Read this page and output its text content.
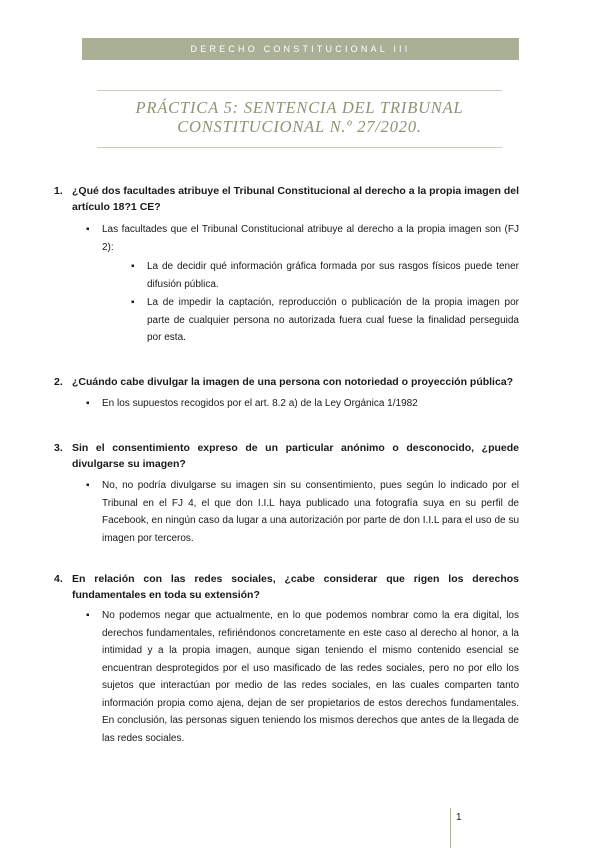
DERECHO CONSTITUCIONAL III
PRÁCTICA 5: SENTENCIA DEL TRIBUNAL
CONSTITUCIONAL N.º 27/2020.
1. ¿Qué dos facultades atribuye el Tribunal Constitucional al derecho a la propia imagen del artículo 18?1 CE?
▪	Las facultades que el Tribunal Constitucional atribuye al derecho a la propia imagen son (FJ 2):
▪	La de decidir qué información gráfica formada por sus rasgos físicos puede tener difusión pública.
▪	La de impedir la captación, reproducción o publicación de la propia imagen por parte de cualquier persona no autorizada fuera cual fuese la finalidad perseguida por esta.
2. ¿Cuándo cabe divulgar la imagen de una persona con notoriedad o proyección pública?
▪	En los supuestos recogidos por el art. 8.2 a) de la Ley Orgánica 1/1982
3. Sin el consentimiento expreso de un particular anónimo o desconocido, ¿puede divulgarse su imagen?
▪	No, no podría divulgarse su imagen sin su consentimiento, pues según lo indicado por el Tribunal en el FJ 4, el que don I.I.L haya publicado una fotografía suya en su perfil de Facebook, en ningún caso da lugar a una autorización por parte de don I.I.L para el uso de su imagen por terceros.
4. En relación con las redes sociales, ¿cabe considerar que rigen los derechos fundamentales en toda su extensión?
▪	No podemos negar que actualmente, en lo que podemos nombrar como la era digital, los derechos fundamentales, refiriéndonos concretamente en este caso al derecho al honor, a la intimidad y a la propia imagen, aunque sigan teniendo el mismo contenido esencial se encuentran desprotegidos por el uso masificado de las redes sociales, pero no por ello los sujetos que interactúan por medio de las redes sociales, en las cuales comparten tanto información propia como ajena, dejan de ser propietarios de estos derechos fundamentales. En conclusión, las personas siguen teniendo los mismos derechos que antes de la llegada de las redes sociales.
1
